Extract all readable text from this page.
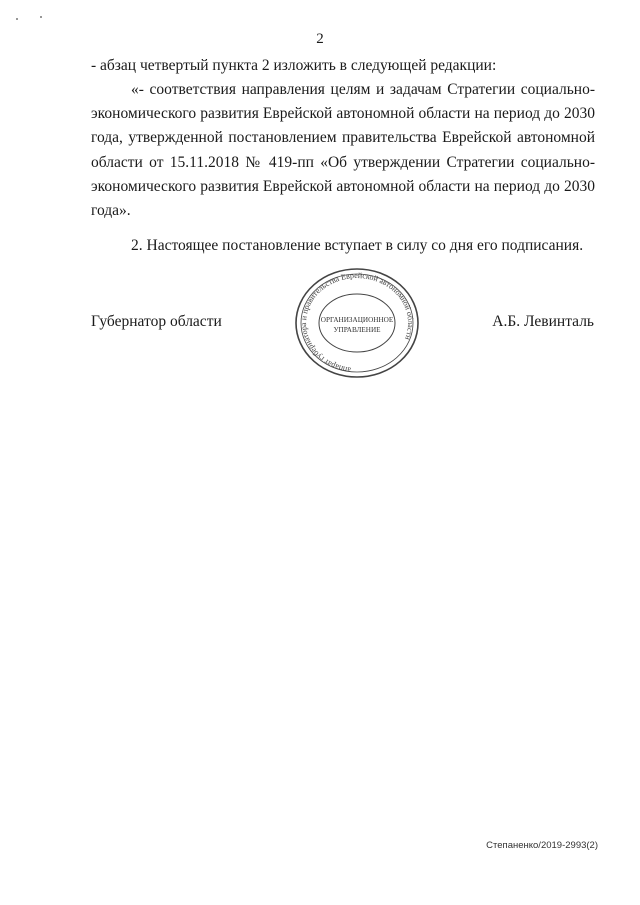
2

- абзац четвертый пункта 2 изложить в следующей редакции:

«- соответствия направления целям и задачам Стратегии социально-экономического развития Еврейской автономной области на период до 2030 года, утвержденной постановлением правительства Еврейской автономной области от 15.11.2018 № 419-пп «Об утверждении Стратегии социально-экономического развития Еврейской автономной области на период до 2030 года».

2. Настоящее постановление вступает в силу со дня его подписания.

Губернатор области	А.Б. Левинталь
аппарат губернатора и правительства Еврейской автономной области
ОРГАНИЗАЦИОННОЕ
УПРАВЛЕНИЕ
Степаненко/2019-2993(2)
